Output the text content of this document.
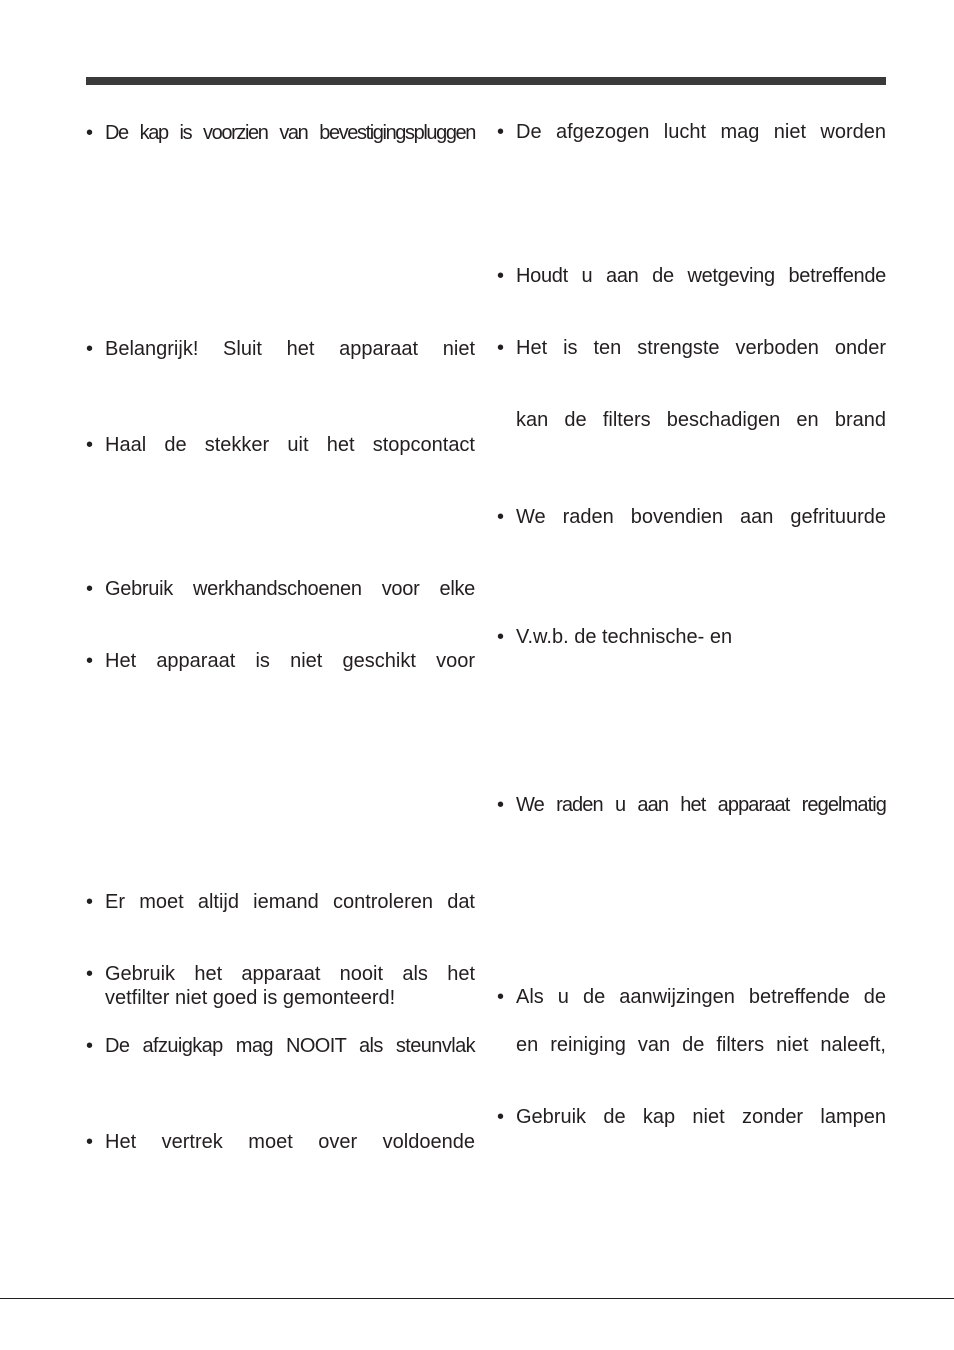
• De kap is voorzien van bevestigingspluggen
• Belangrijk! Sluit het apparaat niet
• Haal de stekker uit het stopcontact
• Gebruik werkhandschoenen voor elke
• Het apparaat is niet geschikt voor
• Er moet altijd iemand controleren dat
• Gebruik het apparaat nooit als het vetfilter niet goed is gemonteerd!
• De afzuigkap mag NOOIT als steunvlak
• Het vertrek moet over voldoende
• De afgezogen lucht mag niet worden
• Houdt u aan de wetgeving betreffende
• Het is ten strengste verboden onder
kan de filters beschadigen en brand
• We raden bovendien aan gefrituurde
• V.w.b. de technische- en
• We raden u aan het apparaat regelmatig
• Als u de aanwijzingen betreffende de
en reiniging van de filters niet naleeft,
• Gebruik de kap niet zonder lampen
